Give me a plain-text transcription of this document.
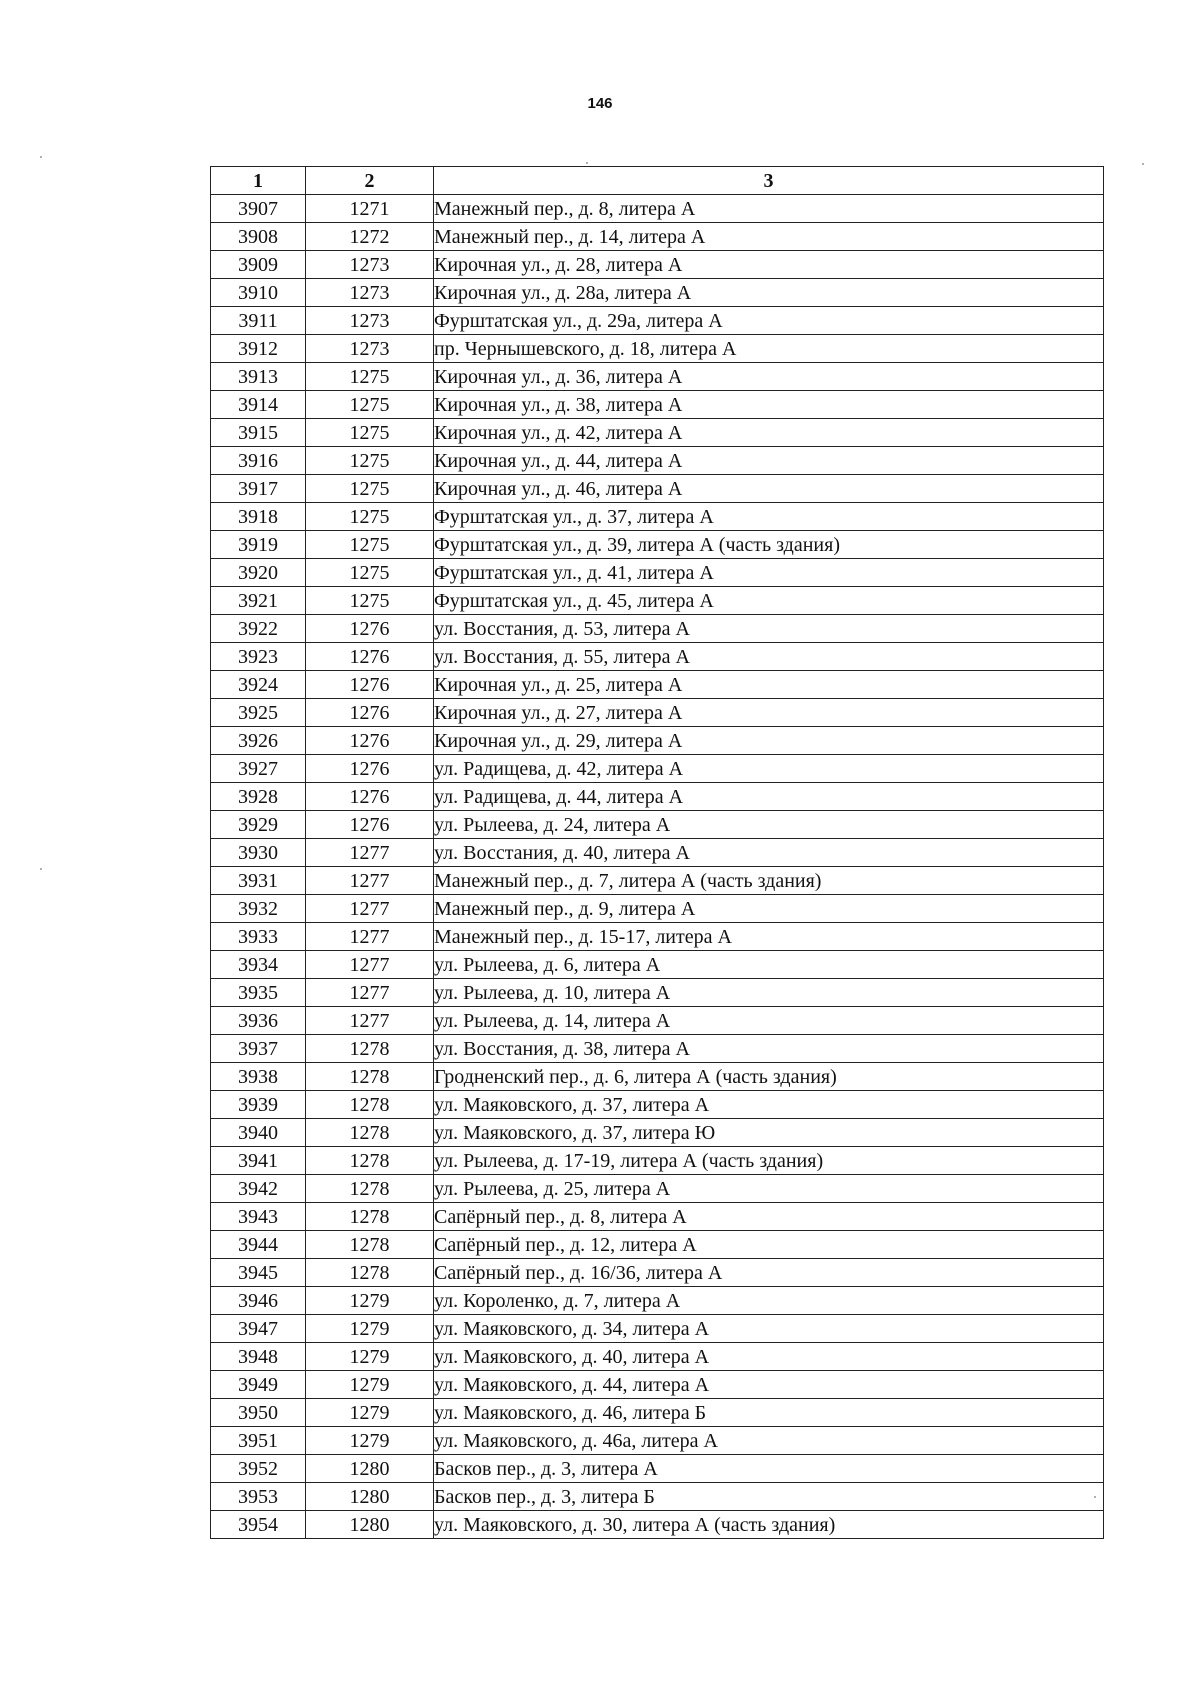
146
1	2	3
3907	1271	Манежный пер., д. 8, литера А
3908	1272	Манежный пер., д. 14, литера А
3909	1273	Кирочная ул., д. 28, литера А
3910	1273	Кирочная ул., д. 28а, литера А
3911	1273	Фурштатская ул., д. 29а, литера А
3912	1273	пр. Чернышевского, д. 18, литера А
3913	1275	Кирочная ул., д. 36, литера А
3914	1275	Кирочная ул., д. 38, литера А
3915	1275	Кирочная ул., д. 42, литера А
3916	1275	Кирочная ул., д. 44, литера А
3917	1275	Кирочная ул., д. 46, литера А
3918	1275	Фурштатская ул., д. 37, литера А
3919	1275	Фурштатская ул., д. 39, литера А (часть здания)
3920	1275	Фурштатская ул., д. 41, литера А
3921	1275	Фурштатская ул., д. 45, литера А
3922	1276	ул. Восстания, д. 53, литера А
3923	1276	ул. Восстания, д. 55, литера А
3924	1276	Кирочная ул., д. 25, литера А
3925	1276	Кирочная ул., д. 27, литера А
3926	1276	Кирочная ул., д. 29, литера А
3927	1276	ул. Радищева, д. 42, литера А
3928	1276	ул. Радищева, д. 44, литера А
3929	1276	ул. Рылеева, д. 24, литера А
3930	1277	ул. Восстания, д. 40, литера А
3931	1277	Манежный пер., д. 7, литера А (часть здания)
3932	1277	Манежный пер., д. 9, литера А
3933	1277	Манежный пер., д. 15-17, литера А
3934	1277	ул. Рылеева, д. 6, литера А
3935	1277	ул. Рылеева, д. 10, литера А
3936	1277	ул. Рылеева, д. 14, литера А
3937	1278	ул. Восстания, д. 38, литера А
3938	1278	Гродненский пер., д. 6, литера А (часть здания)
3939	1278	ул. Маяковского, д. 37, литера А
3940	1278	ул. Маяковского, д. 37, литера Ю
3941	1278	ул. Рылеева, д. 17-19, литера А (часть здания)
3942	1278	ул. Рылеева, д. 25, литера А
3943	1278	Сапёрный пер., д. 8, литера А
3944	1278	Сапёрный пер., д. 12, литера А
3945	1278	Сапёрный пер., д. 16/36, литера А
3946	1279	ул. Короленко, д. 7, литера А
3947	1279	ул. Маяковского, д. 34, литера А
3948	1279	ул. Маяковского, д. 40, литера А
3949	1279	ул. Маяковского, д. 44, литера А
3950	1279	ул. Маяковского, д. 46, литера Б
3951	1279	ул. Маяковского, д. 46а, литера А
3952	1280	Басков пер., д. 3, литера А
3953	1280	Басков пер., д. 3, литера Б
3954	1280	ул. Маяковского, д. 30, литера А (часть здания)
